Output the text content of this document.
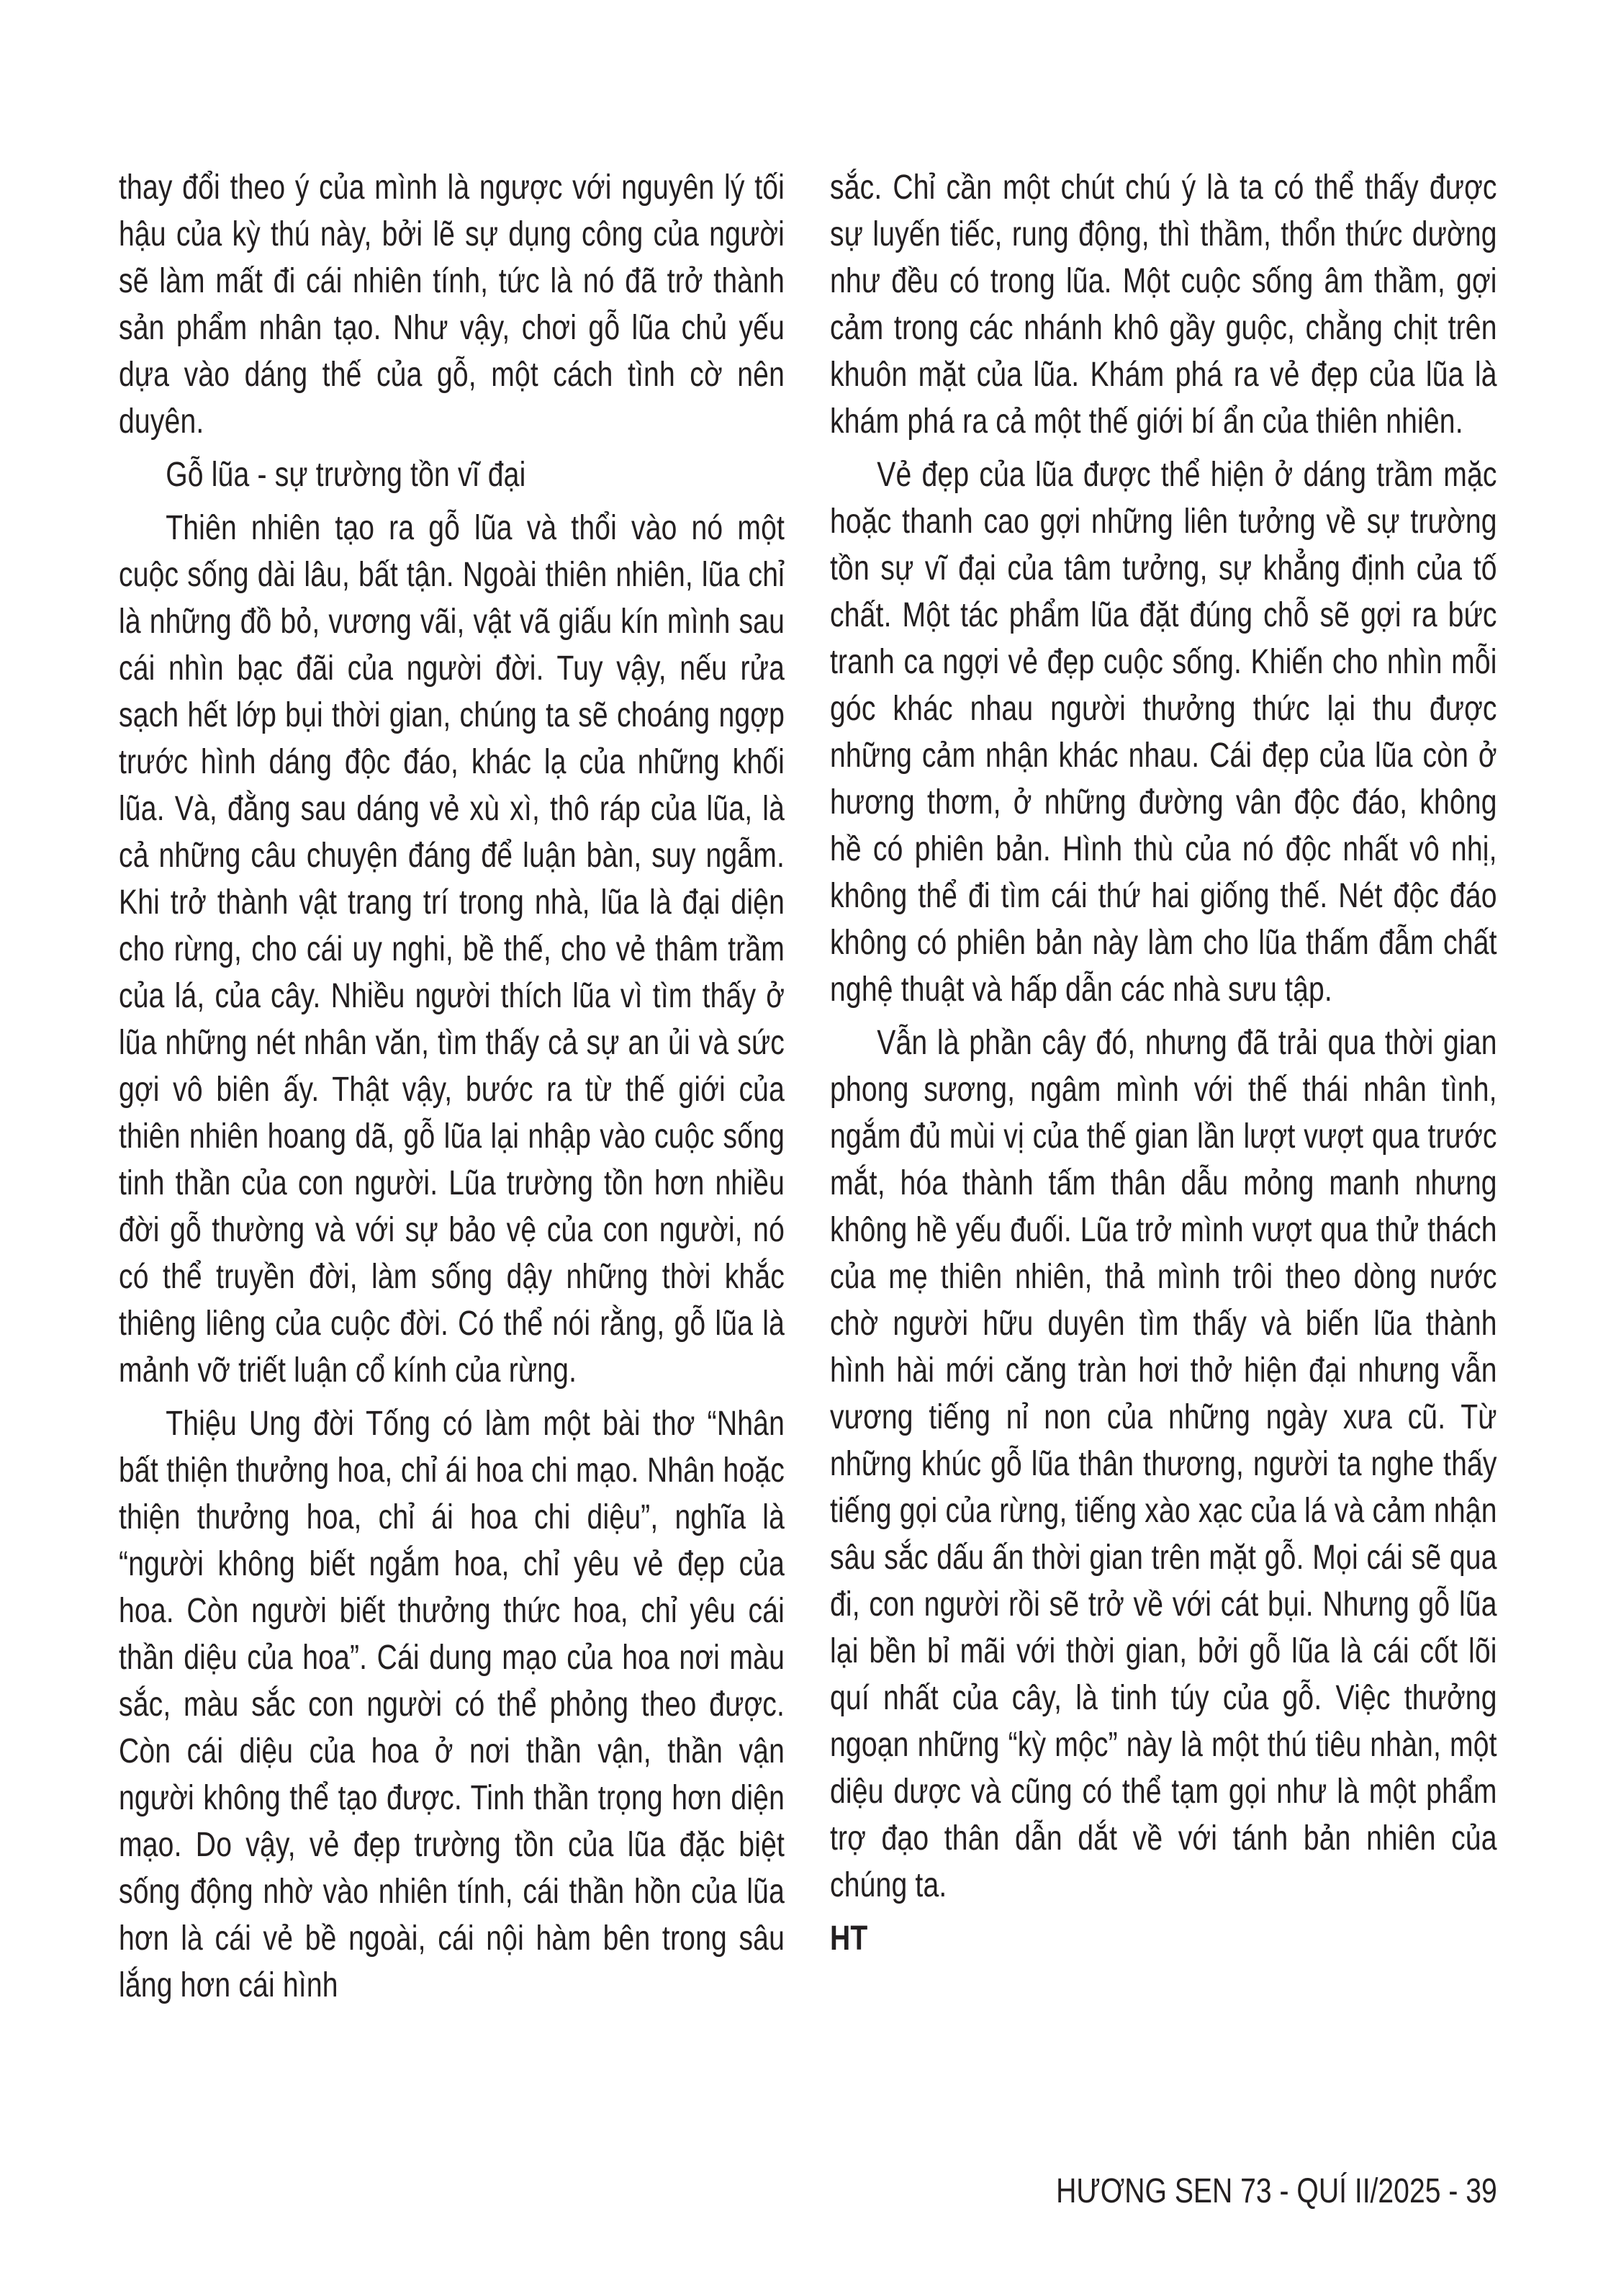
thay đổi theo ý của mình là ngược với nguyên lý tối hậu của kỳ thú này, bởi lẽ sự dụng công của người sẽ làm mất đi cái nhiên tính, tức là nó đã trở thành sản phẩm nhân tạo. Như vậy, chơi gỗ lũa chủ yếu dựa vào dáng thế của gỗ, một cách tình cờ nên duyên.

Gỗ lũa - sự trường tồn vĩ đại

Thiên nhiên tạo ra gỗ lũa và thổi vào nó một cuộc sống dài lâu, bất tận. Ngoài thiên nhiên, lũa chỉ là những đồ bỏ, vương vãi, vật vã giấu kín mình sau cái nhìn bạc đãi của người đời. Tuy vậy, nếu rửa sạch hết lớp bụi thời gian, chúng ta sẽ choáng ngợp trước hình dáng độc đáo, khác lạ của những khối lũa. Và, đằng sau dáng vẻ xù xì, thô ráp của lũa, là cả những câu chuyện đáng để luận bàn, suy ngẫm. Khi trở thành vật trang trí trong nhà, lũa là đại diện cho rừng, cho cái uy nghi, bề thế, cho vẻ thâm trầm của lá, của cây. Nhiều người thích lũa vì tìm thấy ở lũa những nét nhân văn, tìm thấy cả sự an ủi và sức gợi vô biên ấy. Thật vậy, bước ra từ thế giới của thiên nhiên hoang dã, gỗ lũa lại nhập vào cuộc sống tinh thần của con người. Lũa trường tồn hơn nhiều đời gỗ thường và với sự bảo vệ của con người, nó có thể truyền đời, làm sống dậy những thời khắc thiêng liêng của cuộc đời. Có thể nói rằng, gỗ lũa là mảnh vỡ triết luận cổ kính của rừng.

Thiệu Ung đời Tống có làm một bài thơ “Nhân bất thiện thưởng hoa, chỉ ái hoa chi mạo. Nhân hoặc thiện thưởng hoa, chỉ ái hoa chi diệu”, nghĩa là “người không biết ngắm hoa, chỉ yêu vẻ đẹp của hoa. Còn người biết thưởng thức hoa, chỉ yêu cái thần diệu của hoa”. Cái dung mạo của hoa nơi màu sắc, màu sắc con người có thể phỏng theo được. Còn cái diệu của hoa ở nơi thần vận, thần vận người không thể tạo được. Tinh thần trọng hơn diện mạo. Do vậy, vẻ đẹp trường tồn của lũa đặc biệt sống động nhờ vào nhiên tính, cái thần hồn của lũa hơn là cái vẻ bề ngoài, cái nội hàm bên trong sâu lắng hơn cái hình

sắc. Chỉ cần một chút chú ý là ta có thể thấy được sự luyến tiếc, rung động, thì thầm, thổn thức dường như đều có trong lũa. Một cuộc sống âm thầm, gợi cảm trong các nhánh khô gầy guộc, chằng chịt trên khuôn mặt của lũa. Khám phá ra vẻ đẹp của lũa là khám phá ra cả một thế giới bí ẩn của thiên nhiên.

Vẻ đẹp của lũa được thể hiện ở dáng trầm mặc hoặc thanh cao gợi những liên tưởng về sự trường tồn sự vĩ đại của tâm tưởng, sự khẳng định của tố chất. Một tác phẩm lũa đặt đúng chỗ sẽ gợi ra bức tranh ca ngợi vẻ đẹp cuộc sống. Khiến cho nhìn mỗi góc khác nhau người thưởng thức lại thu được những cảm nhận khác nhau. Cái đẹp của lũa còn ở hương thơm, ở những đường vân độc đáo, không hề có phiên bản. Hình thù của nó độc nhất vô nhị, không thể đi tìm cái thứ hai giống thế. Nét độc đáo không có phiên bản này làm cho lũa thấm đẫm chất nghệ thuật và hấp dẫn các nhà sưu tập.

Vẫn là phần cây đó, nhưng đã trải qua thời gian phong sương, ngâm mình với thế thái nhân tình, ngắm đủ mùi vị của thế gian lần lượt vượt qua trước mắt, hóa thành tấm thân dẫu mỏng manh nhưng không hề yếu đuối. Lũa trở mình vượt qua thử thách của mẹ thiên nhiên, thả mình trôi theo dòng nước chờ người hữu duyên tìm thấy và biến lũa thành hình hài mới căng tràn hơi thở hiện đại nhưng vẫn vương tiếng nỉ non của những ngày xưa cũ. Từ những khúc gỗ lũa thân thương, người ta nghe thấy tiếng gọi của rừng, tiếng xào xạc của lá và cảm nhận sâu sắc dấu ấn thời gian trên mặt gỗ. Mọi cái sẽ qua đi, con người rồi sẽ trở về với cát bụi. Nhưng gỗ lũa lại bền bỉ mãi với thời gian, bởi gỗ lũa là cái cốt lõi quí nhất của cây, là tinh túy của gỗ. Việc thưởng ngoạn những “kỳ mộc” này là một thú tiêu nhàn, một diệu dược và cũng có thể tạm gọi như là một phẩm trợ đạo thân dẫn dắt về với tánh bản nhiên của chúng ta.

HT

HƯƠNG SEN 73 - QUÍ II/2025 - 39
